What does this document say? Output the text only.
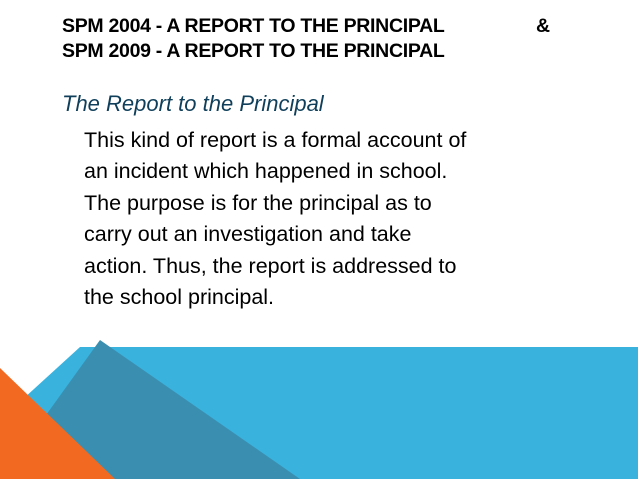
SPM 2004 - A REPORT TO THE PRINCIPAL
SPM 2009 - A REPORT TO THE PRINCIPAL
&
The Report to the Principal

This kind of report is a formal account of
an incident which happened in school.
The purpose is for the principal as to
carry out an investigation and take
action. Thus, the report is addressed to
the school principal.
